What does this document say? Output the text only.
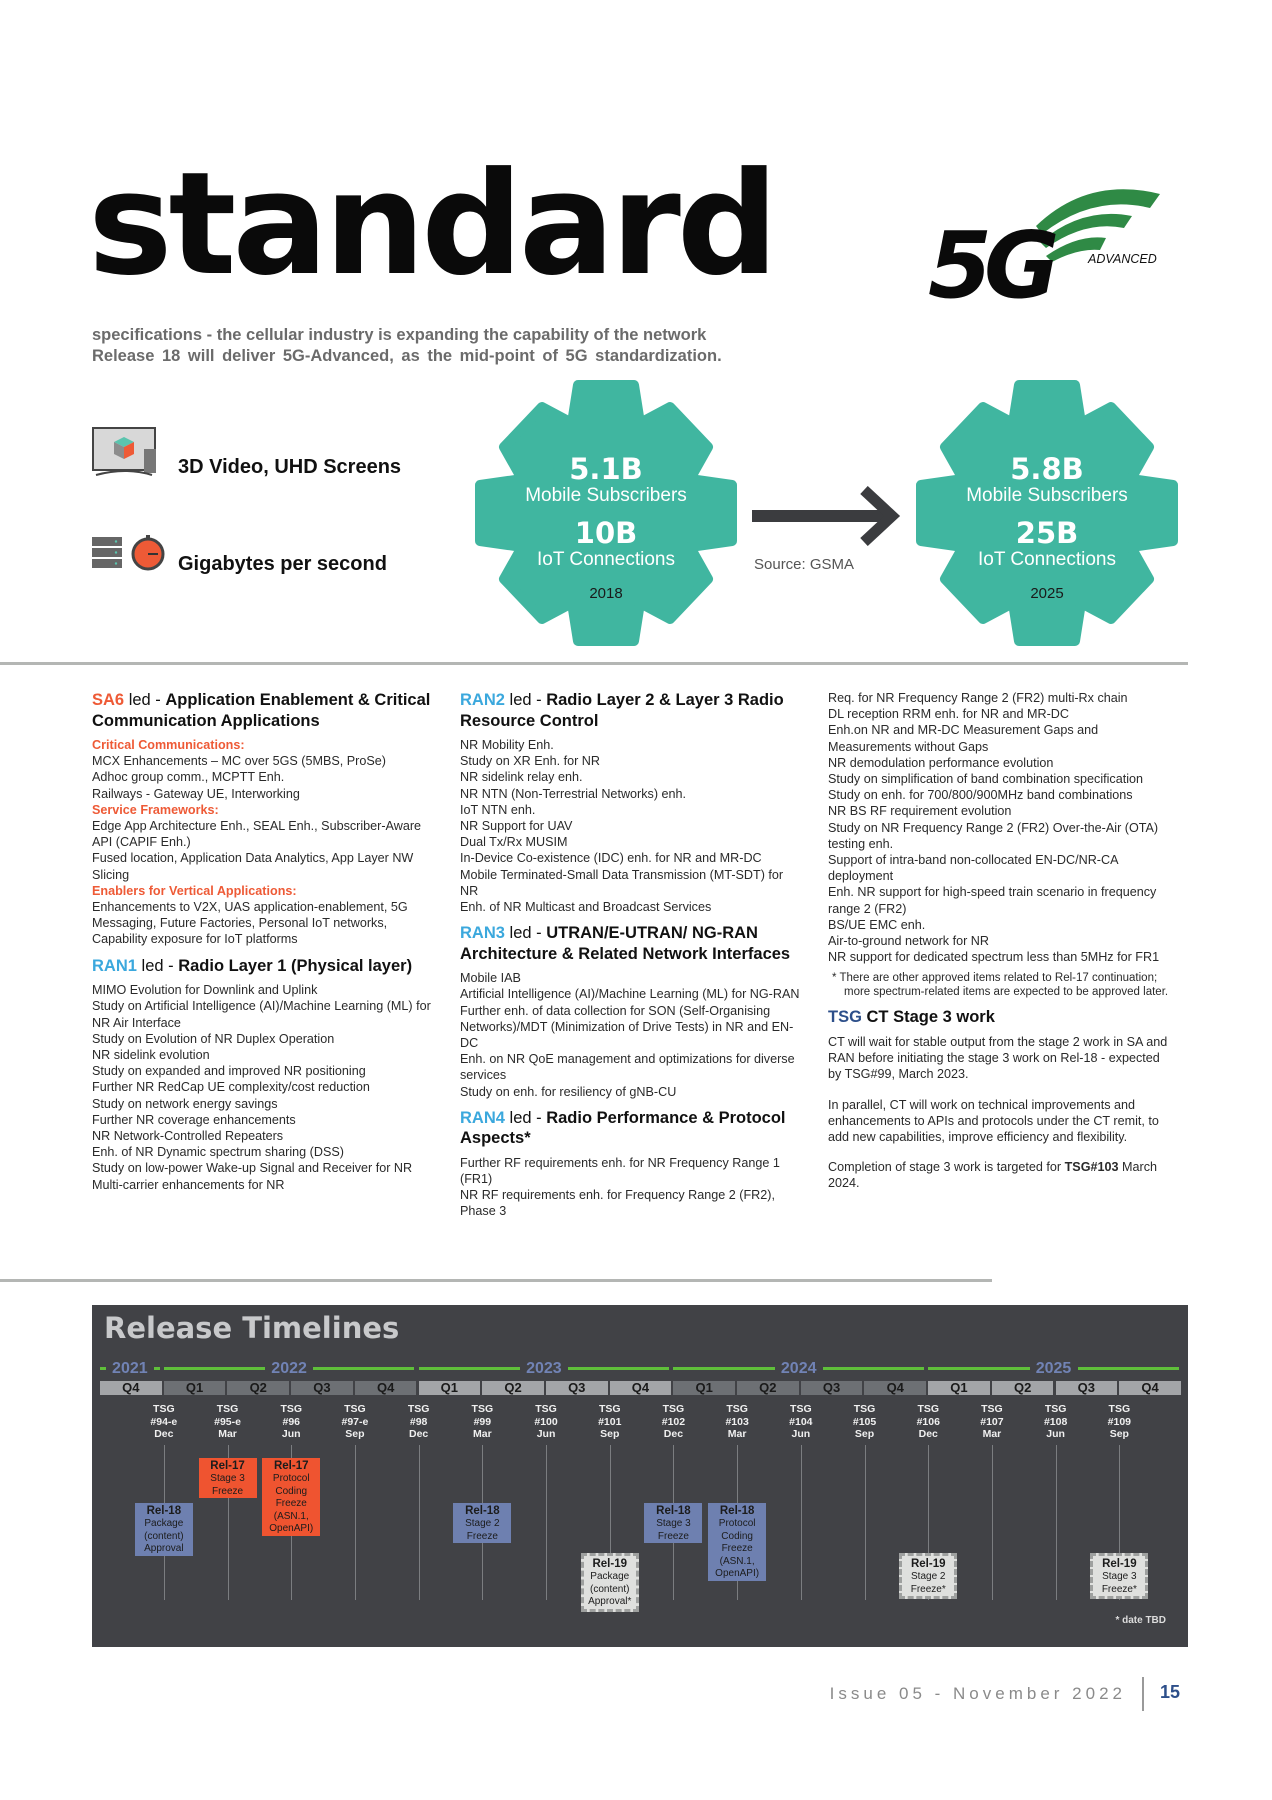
standard
specifications - the cellular industry is expanding the capability of the network
Release 18 will deliver 5G-Advanced, as the mid-point of 5G standardization.
5G	ADVANCED
3D Video, UHD Screens
Gigabytes per second
5.1B
Mobile Subscribers
10B
IoT Connections
2018
Source: GSMA
5.8B
Mobile Subscribers
25B
IoT Connections
2025
SA6 led - Application Enablement & Critical Communication Applications
Critical Communications:
MCX Enhancements – MC over 5GS (5MBS, ProSe)
Adhoc group comm., MCPTT Enh.
Railways - Gateway UE, Interworking
Service Frameworks:
Edge App Architecture Enh., SEAL Enh., Subscriber-Aware API (CAPIF Enh.)
Fused location, Application Data Analytics, App Layer NW Slicing
Enablers for Vertical Applications:
Enhancements to V2X, UAS application-enablement, 5G Messaging, Future Factories, Personal IoT networks, Capability exposure for IoT platforms
RAN1 led - Radio Layer 1 (Physical layer)
MIMO Evolution for Downlink and Uplink
Study on Artificial Intelligence (AI)/Machine Learning (ML) for NR Air Interface
Study on Evolution of NR Duplex Operation
NR sidelink evolution
Study on expanded and improved NR positioning
Further NR RedCap UE complexity/cost reduction
Study on network energy savings
Further NR coverage enhancements
NR Network-Controlled Repeaters
Enh. of NR Dynamic spectrum sharing (DSS)
Study on low-power Wake-up Signal and Receiver for NR
Multi-carrier enhancements for NR
RAN2 led - Radio Layer 2 & Layer 3 Radio Resource Control
NR Mobility Enh.
Study on XR Enh. for NR
NR sidelink relay enh.
NR NTN (Non-Terrestrial Networks) enh.
IoT NTN enh.
NR Support for UAV
Dual Tx/Rx MUSIM
In-Device Co-existence (IDC) enh. for NR and MR-DC
Mobile Terminated-Small Data Transmission (MT-SDT) for NR
Enh. of NR Multicast and Broadcast Services
RAN3 led - UTRAN/E-UTRAN/ NG-RAN Architecture & Related Network Interfaces
Mobile IAB
Artificial Intelligence (AI)/Machine Learning (ML) for NG-RAN Further enh. of data collection for SON (Self-Organising Networks)/MDT (Minimization of Drive Tests) in NR and EN-DC
Enh. on NR QoE management and optimizations for diverse services
Study on enh. for resiliency of gNB-CU
RAN4 led - Radio Performance & Protocol Aspects*
Further RF requirements enh. for NR Frequency Range 1 (FR1)
NR RF requirements enh. for Frequency Range 2 (FR2), Phase 3
Req. for NR Frequency Range 2 (FR2) multi-Rx chain
DL reception RRM enh. for NR and MR-DC
Enh.on NR and MR-DC Measurement Gaps and Measurements without Gaps
NR demodulation performance evolution
Study on simplification of band combination specification
Study on enh. for 700/800/900MHz band combinations
NR BS RF requirement evolution
Study on NR Frequency Range 2 (FR2) Over-the-Air (OTA) testing enh.
Support of intra-band non-collocated EN-DC/NR-CA deployment
Enh. NR support for high-speed train scenario in frequency range 2 (FR2)
BS/UE EMC enh.
Air-to-ground network for NR
NR support for dedicated spectrum less than 5MHz for FR1
* There are other approved items related to Rel-17 continuation; more spectrum-related items are expected to be approved later.
TSG CT Stage 3 work
CT will wait for stable output from the stage 2 work in SA and RAN before initiating the stage 3 work on Rel-18 - expected by TSG#99, March 2023.
In parallel, CT will work on technical improvements and enhancements to APIs and protocols under the CT remit, to add new capabilities, improve efficiency and flexibility.
Completion of stage 3 work is targeted for TSG#103 March 2024.
Release Timelines
* date TBD
Q4	Q1	Q2	Q3	Q4	Q1	Q2	Q3	Q4	Q1	Q2	Q3	Q4	Q1	Q2	Q3	Q4
2021	2022	2023	2024	2025
TSG
#94-e
Dec
TSG
#95-e
Mar
TSG
#96
Jun
TSG
#97-e
Sep
TSG
#98
Dec
TSG
#99
Mar
TSG
#100
Jun
TSG
#101
Sep
TSG
#102
Dec
TSG
#103
Mar
TSG
#104
Jun
TSG
#105
Sep
TSG
#106
Dec
TSG
#107
Mar
TSG
#108
Jun
TSG
#109
Sep
Rel-18
Package
(content)
Approval
Rel-17
Stage 3
Freeze
Rel-17
Protocol
Coding
Freeze
(ASN.1,
OpenAPI)
Rel-18
Stage 2
Freeze
Rel-19
Package
(content)
Approval*
Rel-18
Stage 3
Freeze
Rel-18
Protocol
Coding
Freeze
(ASN.1,
OpenAPI)
Rel-19
Stage 2
Freeze*
Rel-19
Stage 3
Freeze*
Issue 05 - November 2022 15
